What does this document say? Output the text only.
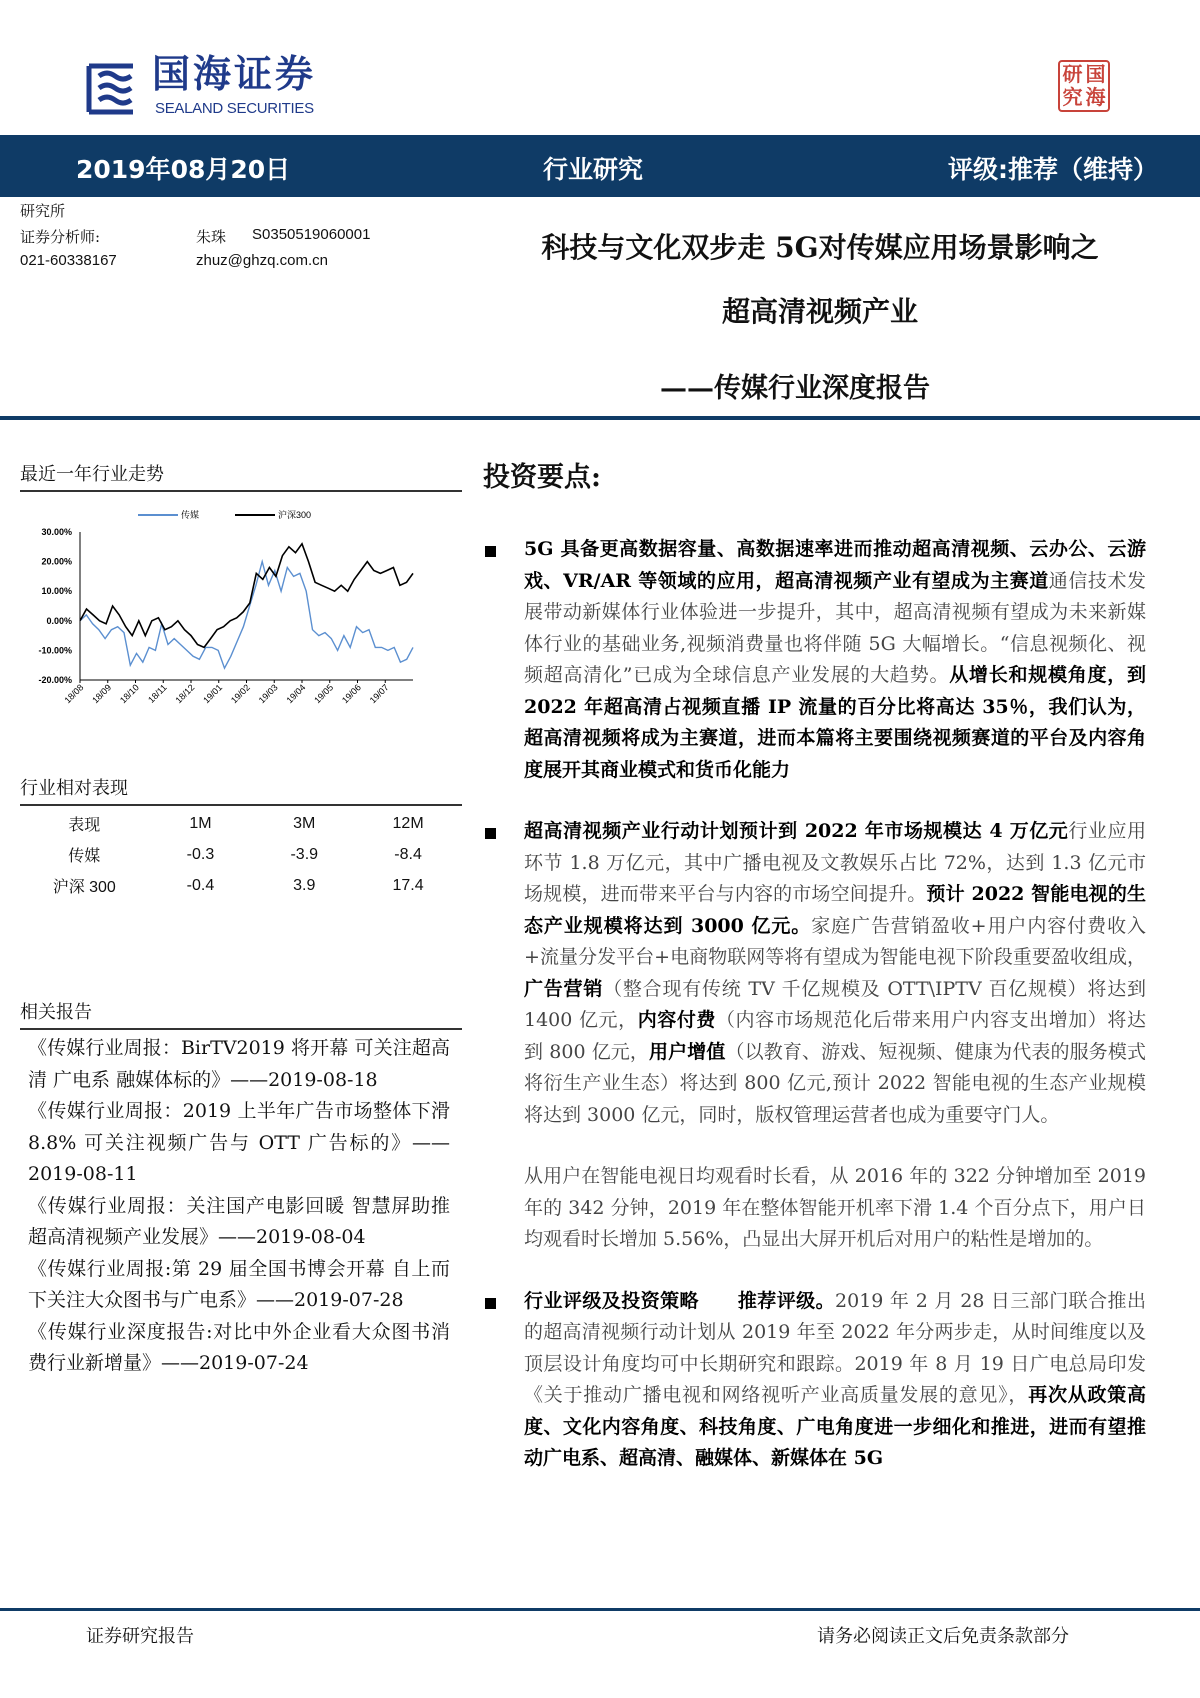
国海证券
SEALAND SECURITIES
研 国
究 海
2019年08月20日	行业研究	评级:推荐（维持）
研究所
证券分析师:	朱珠 S0350519060001
021-60338167	zhuz@ghzq.com.cn	科技与文化双步走 5G对传媒应用场景影响之
超高清视频产业
——传媒行业深度报告
最近一年行业走势
30.00%
20.00%
10.00%
0.00%
-10.00%
-20.00%
18/08 18/09 18/10 18/11 18/12 19/01 19/02 19/03 19/04 19/05 19/06 19/07
传媒	沪深300
行业相对表现
表现	1M	3M	12M
传媒	-0.3	-3.9	-8.4
沪深 300	-0.4	3.9	17.4
相关报告
《传媒行业周报：BirTV2019 将开幕 可关注超高清 广电系 融媒体标的》——2019-08-18
《传媒行业周报：2019 上半年广告市场整体下滑 8.8% 可关注视频广告与 OTT 广告标的》——2019-08-11
《传媒行业周报：关注国产电影回暖 智慧屏助推超高清视频产业发展》——2019-08-04
《传媒行业周报:第 29 届全国书博会开幕 自上而下关注大众图书与广电系》——2019-07-28
《传媒行业深度报告:对比中外企业看大众图书消费行业新增量》——2019-07-24
投资要点:
5G 具备更高数据容量、高数据速率进而推动超高清视频、云办公、云游戏、VR/AR 等领域的应用，超高清视频产业有望成为主赛道通信技术发展带动新媒体行业体验进一步提升，其中，超高清视频有望成为未来新媒体行业的基础业务,视频消费量也将伴随 5G 大幅增长。“信息视频化、视频超高清化”已成为全球信息产业发展的大趋势。从增长和规模角度，到 2022 年超高清占视频直播 IP 流量的百分比将高达 35％，我们认为，超高清视频将成为主赛道，进而本篇将主要围绕视频赛道的平台及内容角度展开其商业模式和货币化能力
超高清视频产业行动计划预计到 2022 年市场规模达 4 万亿元行业应用环节 1.8 万亿元，其中广播电视及文教娱乐占比 72%，达到 1.3 亿元市场规模，进而带来平台与内容的市场空间提升。预计 2022 智能电视的生态产业规模将达到 3000 亿元。家庭广告营销盈收+用户内容付费收入+流量分发平台+电商物联网等将有望成为智能电视下阶段重要盈收组成，广告营销（整合现有传统 TV 千亿规模及 OTT\IPTV 百亿规模）将达到 1400 亿元，内容付费（内容市场规范化后带来用户内容支出增加）将达到 800 亿元，用户增值（以教育、游戏、短视频、健康为代表的服务模式将衍生产业生态）将达到 800 亿元,预计 2022 智能电视的生态产业规模将达到 3000 亿元，同时，版权管理运营者也成为重要守门人。
从用户在智能电视日均观看时长看，从 2016 年的 322 分钟增加至 2019 年的 342 分钟，2019 年在整体智能开机率下滑 1.4 个百分点下，用户日均观看时长增加 5.56%，凸显出大屏开机后对用户的粘性是增加的。
行业评级及投资策略　　推荐评级。2019 年 2 月 28 日三部门联合推出的超高清视频行动计划从 2019 年至 2022 年分两步走，从时间维度以及顶层设计角度均可中长期研究和跟踪。2019 年 8 月 19 日广电总局印发《关于推动广播电视和网络视听产业高质量发展的意见》，再次从政策高度、文化内容角度、科技角度、广电角度进一步细化和推进，进而有望推动广电系、超高清、融媒体、新媒体在 5G
证券研究报告	请务必阅读正文后免责条款部分
